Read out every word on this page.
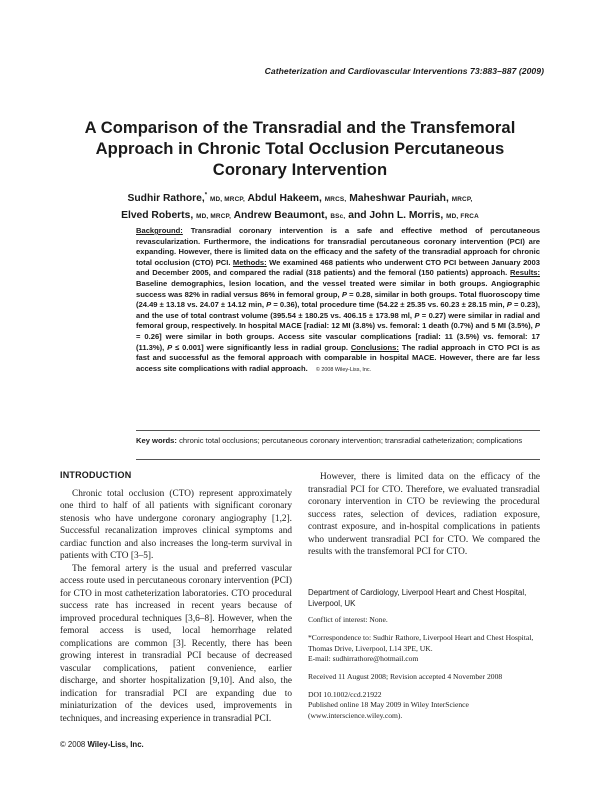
Catheterization and Cardiovascular Interventions 73:883–887 (2009)
A Comparison of the Transradial and the Transfemoral
Approach in Chronic Total Occlusion Percutaneous
Coronary Intervention
Sudhir Rathore,* MD, MRCP, Abdul Hakeem, MRCS, Maheshwar Pauriah, MRCP,
Elved Roberts, MD, MRCP, Andrew Beaumont, BSc, and John L. Morris, MD, FRCA
Background: Transradial coronary intervention is a safe and effective method of percutaneous revascularization. Furthermore, the indications for transradial percutaneous coronary intervention (PCI) are expanding. However, there is limited data on the efficacy and the safety of the transradial approach for chronic total occlusion (CTO) PCI. Methods: We examined 468 patients who underwent CTO PCI between January 2003 and December 2005, and compared the radial (318 patients) and the femoral (150 patients) approach. Results: Baseline demographics, lesion location, and the vessel treated were similar in both groups. Angiographic success was 82% in radial versus 86% in femoral group, P = 0.28, similar in both groups. Total fluoroscopy time (24.49 ± 13.18 vs. 24.07 ± 14.12 min, P = 0.36), total procedure time (54.22 ± 25.35 vs. 60.23 ± 28.15 min, P = 0.23), and the use of total contrast volume (395.54 ± 180.25 vs. 406.15 ± 173.98 ml, P = 0.27) were similar in radial and femoral group, respectively. In hospital MACE [radial: 12 MI (3.8%) vs. femoral: 1 death (0.7%) and 5 MI (3.5%), P = 0.26] were similar in both groups. Access site vascular complications [radial: 11 (3.5%) vs. femoral: 17 (11.3%), P ≤ 0.001] were significantly less in radial group. Conclusions: The radial approach in CTO PCI is as fast and successful as the femoral approach with comparable in hospital MACE. However, there are far less access site complications with radial approach. © 2008 Wiley-Liss, Inc.
Key words: chronic total occlusions; percutaneous coronary intervention; transradial catheterization; complications
INTRODUCTION

Chronic total occlusion (CTO) represent approximately one third to half of all patients with significant coronary stenosis who have undergone coronary angiography [1,2]. Successful recanalization improves clinical symptoms and cardiac function and also increases the long-term survival in patients with CTO [3–5].

The femoral artery is the usual and preferred vascular access route used in percutaneous coronary intervention (PCI) for CTO in most catheterization laboratories. CTO procedural success rate has increased in recent years because of improved procedural techniques [3,6–8]. However, when the femoral access is used, local hemorrhage related complications are common [3]. Recently, there has been growing interest in transradial PCI because of decreased vascular complications, patient convenience, earlier discharge, and shorter hospitalization [9,10]. And also, the indication for transradial PCI are expanding due to miniaturization of the devices used, improvements in techniques, and increasing experience in transradial PCI.

However, there is limited data on the efficacy of the transradial PCI for CTO. Therefore, we evaluated transradial coronary intervention in CTO be reviewing the procedural success rates, selection of devices, radiation exposure, contrast exposure, and in-hospital complications in patients who underwent transradial PCI for CTO. We compared the results with the transfemoral PCI for CTO.

Department of Cardiology, Liverpool Heart and Chest Hospital, Liverpool, UK
Conflict of interest: None.
*Correspondence to: Sudhir Rathore, Liverpool Heart and Chest Hospital, Thomas Drive, Liverpool, L14 3PE, UK.
E-mail: sudhirrathore@hotmail.com
Received 11 August 2008; Revision accepted 4 November 2008
DOI 10.1002/ccd.21922
Published online 18 May 2009 in Wiley InterScience (www.interscience.wiley.com).
© 2008 Wiley-Liss, Inc.
